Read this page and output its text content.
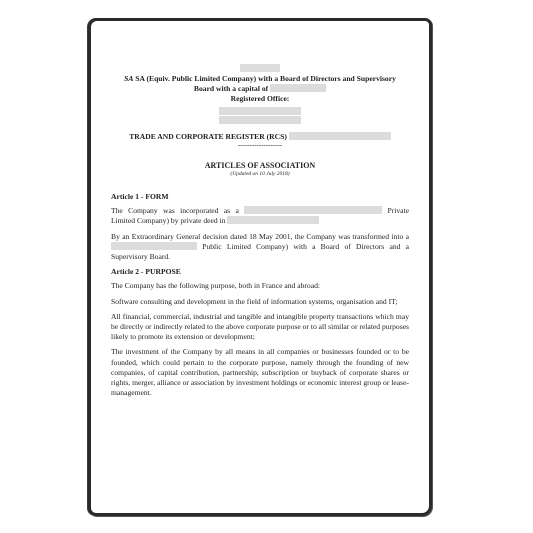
SA SA (Equiv. Public Limited Company) with a Board of Directors and Supervisory
Board with a capital of
Registered Office:
TRADE AND CORPORATE REGISTER (RCS)
-------------------
ARTICLES OF ASSOCIATION
(Updated on 10 July 2018)
Article 1 - FORM

The Company was incorporated as a	Private Limited Company) by private deed in

By an Extraordinary General decision dated 18 May 2001, the Company was transformed into a  Public Limited Company) with a Board of Directors and a Supervisory Board.

Article 2 - PURPOSE

The Company has the following purpose, both in France and abroad:

Software consulting and development in the field of information systems, organisation and IT;

All financial, commercial, industrial and tangible and intangible property transactions which may be directly or indirectly related to the above corporate purpose or to all similar or related purposes likely to promote its extension or development;

The investment of the Company by all means in all companies or businesses founded or to be founded, which could pertain to the corporate purpose, namely through the founding of new companies, of capital contribution, partnership, subscription or buyback of corporate shares or rights, merger, alliance or association by investment holdings or economic interest group or lease-management.
